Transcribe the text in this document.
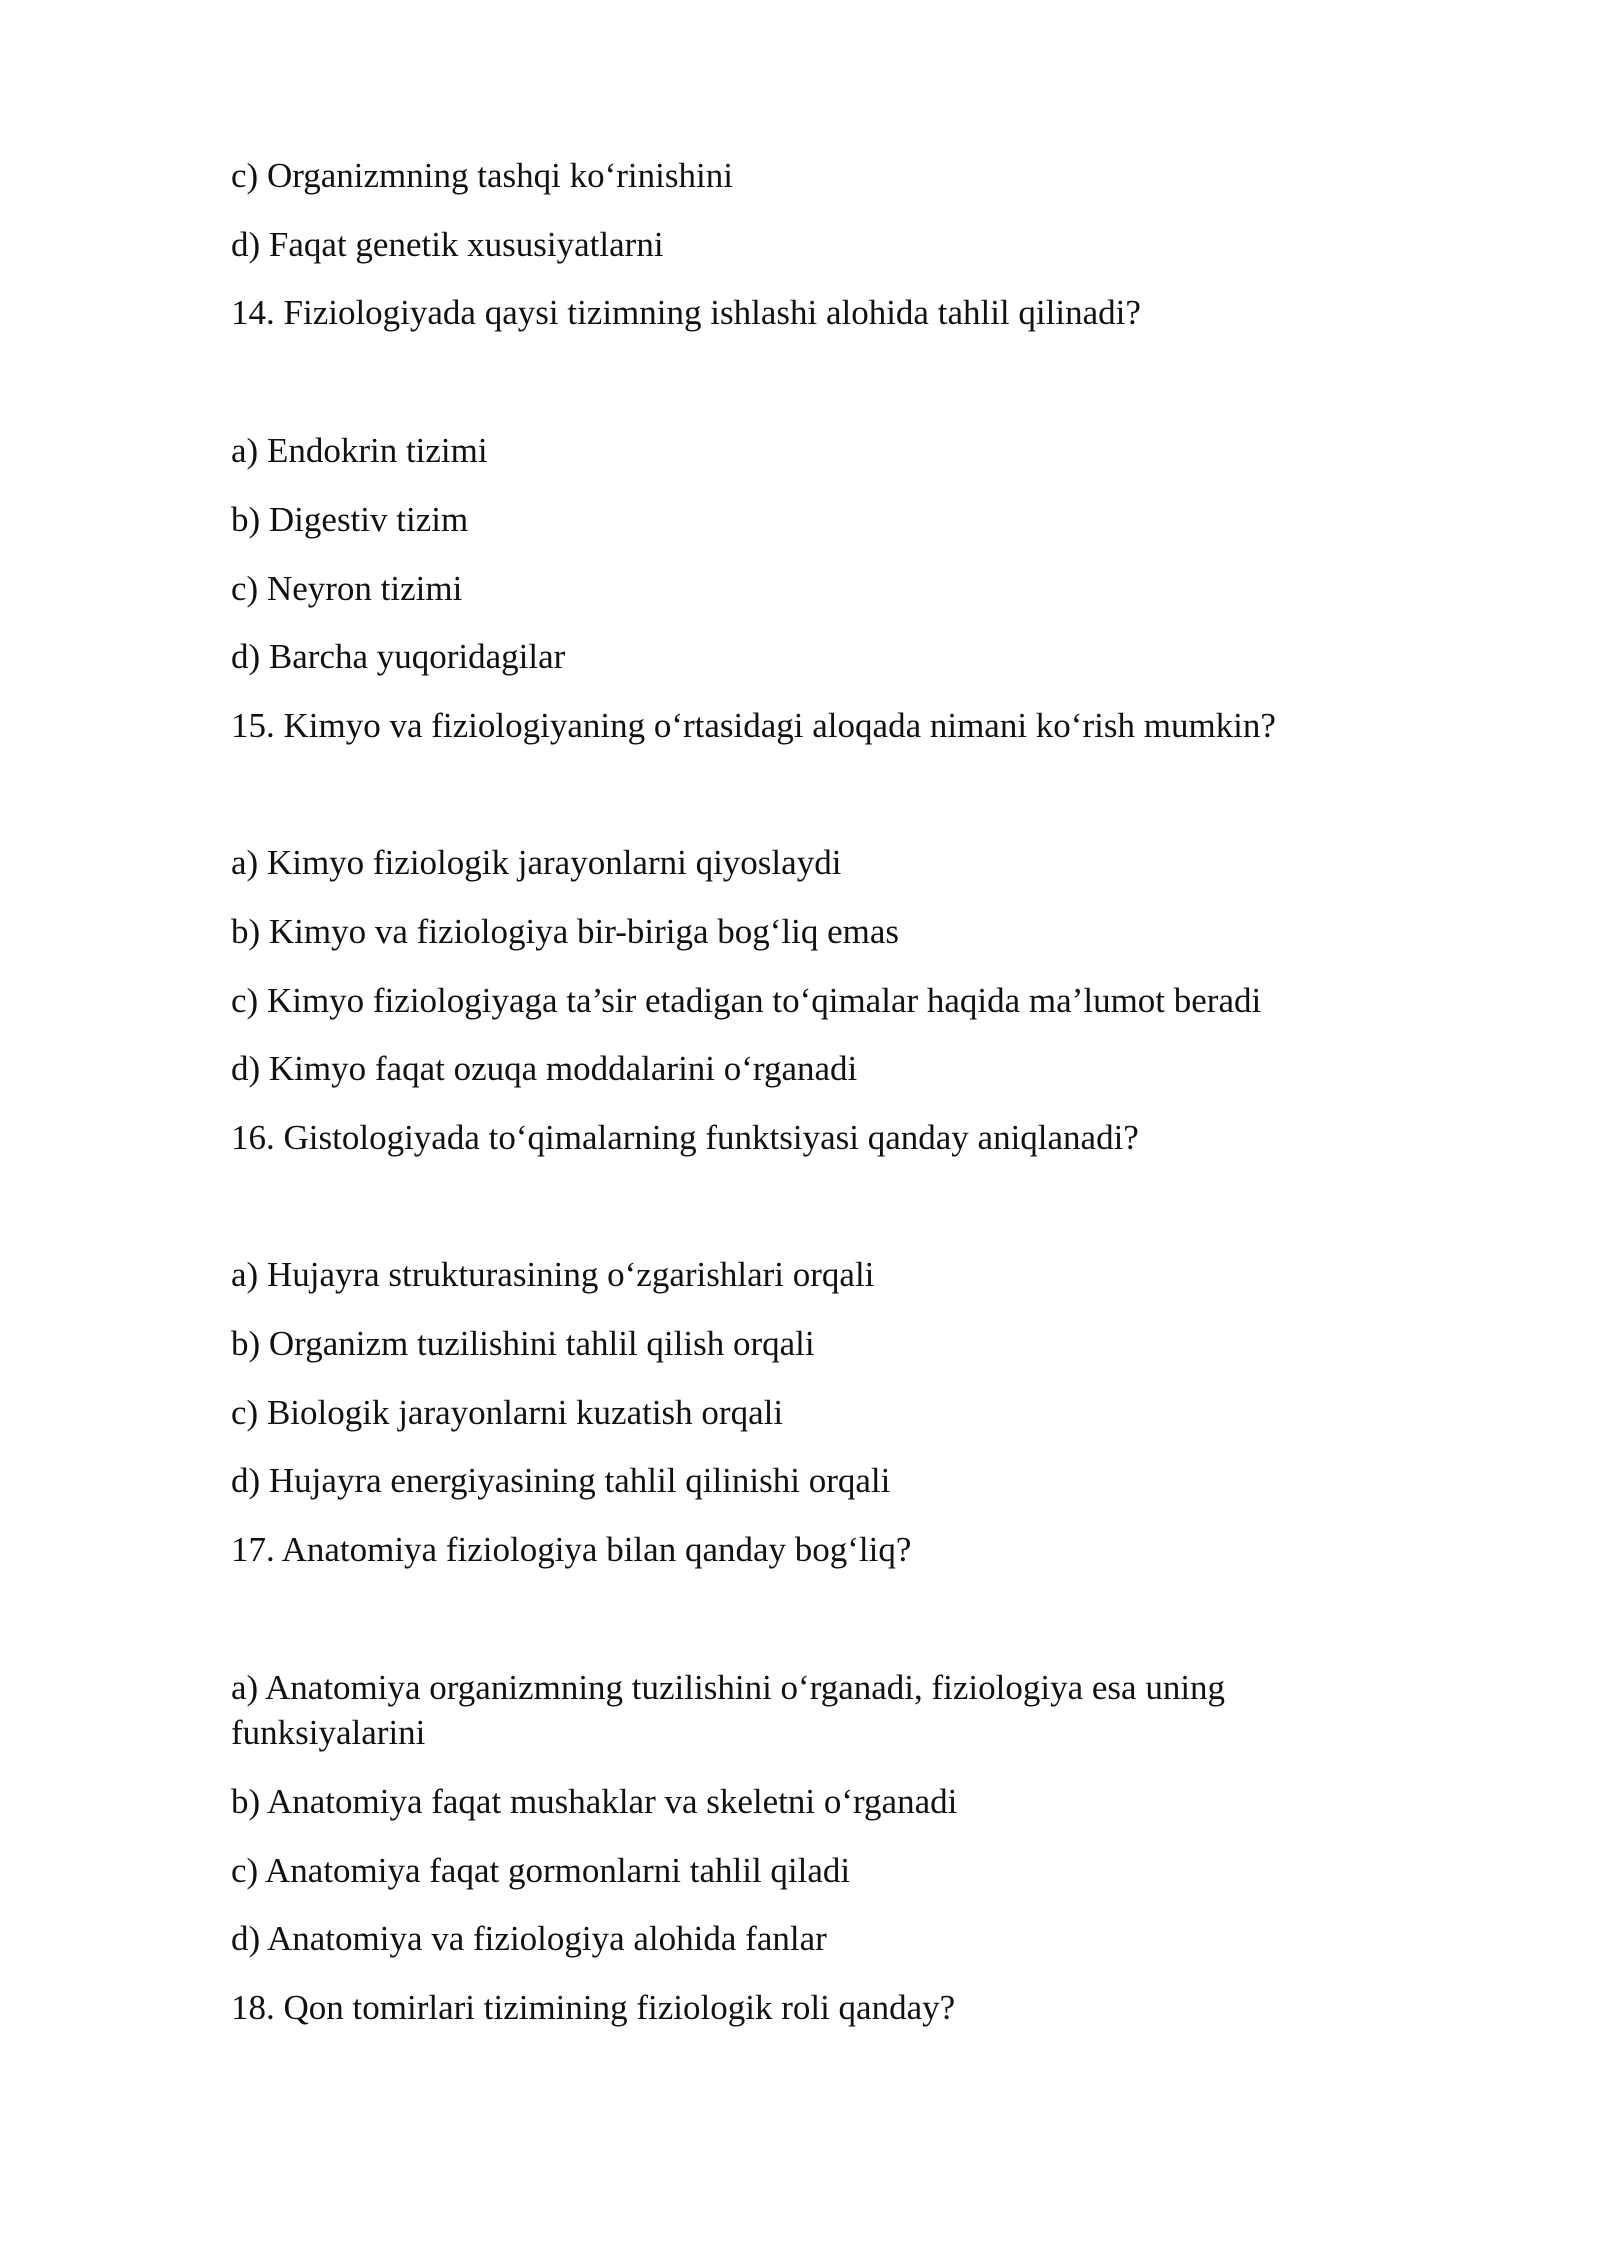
c) Organizmning tashqi ko‘rinishini
d) Faqat genetik xususiyatlarni
14. Fiziologiyada qaysi tizimning ishlashi alohida tahlil qilinadi?
a) Endokrin tizimi
b) Digestiv tizim
c) Neyron tizimi
d) Barcha yuqoridagilar
15. Kimyo va fiziologiyaning o‘rtasidagi aloqada nimani ko‘rish mumkin?
a) Kimyo fiziologik jarayonlarni qiyoslaydi
b) Kimyo va fiziologiya bir-biriga bog‘liq emas
c) Kimyo fiziologiyaga ta’sir etadigan to‘qimalar haqida ma’lumot beradi
d) Kimyo faqat ozuqa moddalarini o‘rganadi
16. Gistologiyada to‘qimalarning funktsiyasi qanday aniqlanadi?
a) Hujayra strukturasining o‘zgarishlari orqali
b) Organizm tuzilishini tahlil qilish orqali
c) Biologik jarayonlarni kuzatish orqali
d) Hujayra energiyasining tahlil qilinishi orqali
17. Anatomiya fiziologiya bilan qanday bog‘liq?
a) Anatomiya organizmning tuzilishini o‘rganadi, fiziologiya esa uning
funksiyalarini
b) Anatomiya faqat mushaklar va skeletni o‘rganadi
c) Anatomiya faqat gormonlarni tahlil qiladi
d) Anatomiya va fiziologiya alohida fanlar
18. Qon tomirlari tizimining fiziologik roli qanday?
